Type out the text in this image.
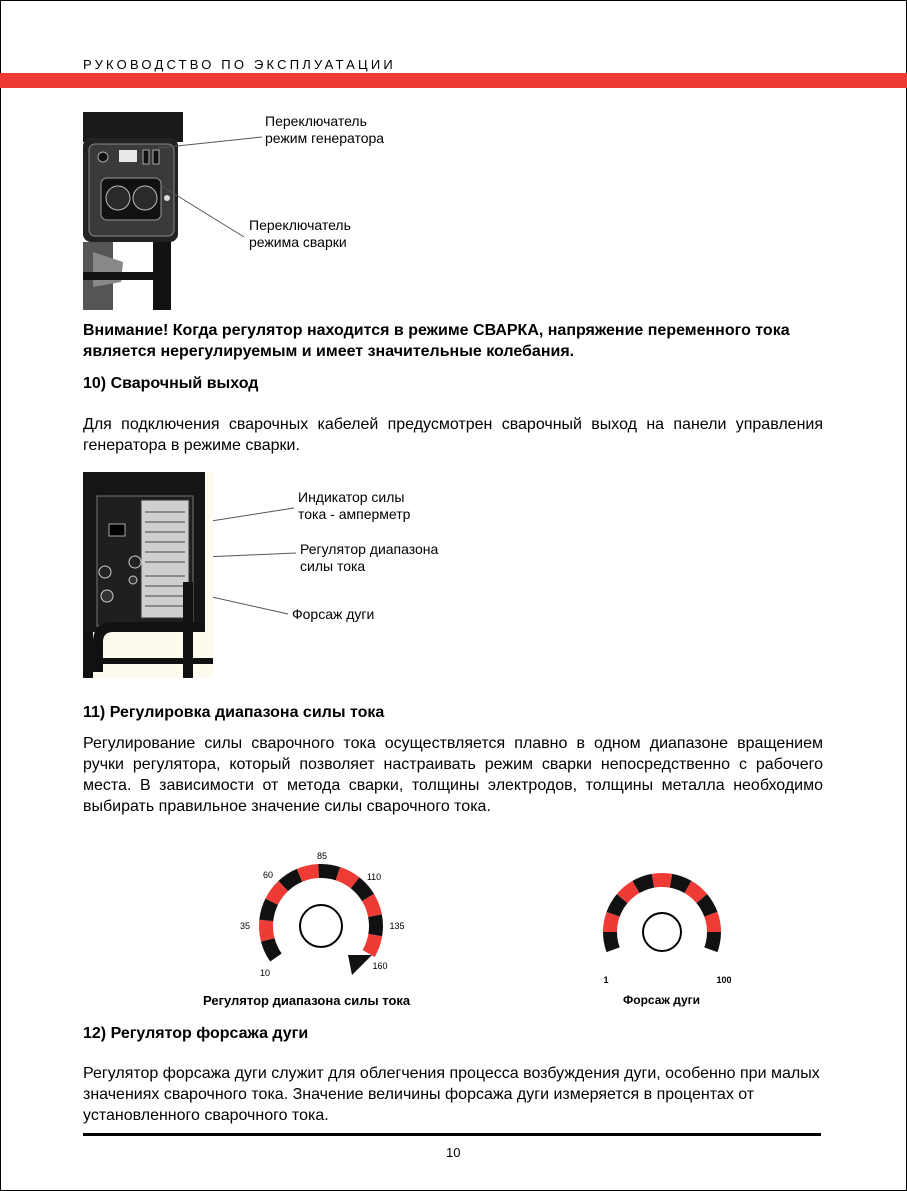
РУКОВОДСТВО ПО ЭКСПЛУАТАЦИИ
Переключатель
режим генератора
Переключатель
режима сварки
Внимание! Когда регулятор находится в режиме СВАРКА, напряжение переменного тока является нерегулируемым и имеет значительные колебания.
10) Сварочный выход
Для подключения сварочных кабелей предусмотрен сварочный выход на панели управления генератора в режиме сварки.
Индикатор силы
тока - амперметр
Регулятор диапазона
силы тока
Форсаж дуги
11) Регулировка диапазона силы тока
Регулирование силы сварочного тока осуществляется плавно в одном диапазоне вращением ручки регулятора, который позволяет настраивать режим сварки непосредственно с рабочего места. В зависимости от метода сварки, толщины электродов, толщины металла необходимо выбирать правильное значение силы сварочного тока.
85
60	110
35	135
10
160
1	100
Регулятор диапазона силы тока	Форсаж дуги
12) Регулятор форсажа дуги
Регулятор форсажа дуги служит для облегчения процесса возбуждения дуги, особенно при малых значениях сварочного тока. Значение величины форсажа дуги измеряется в процентах от установленного сварочного тока.
10
